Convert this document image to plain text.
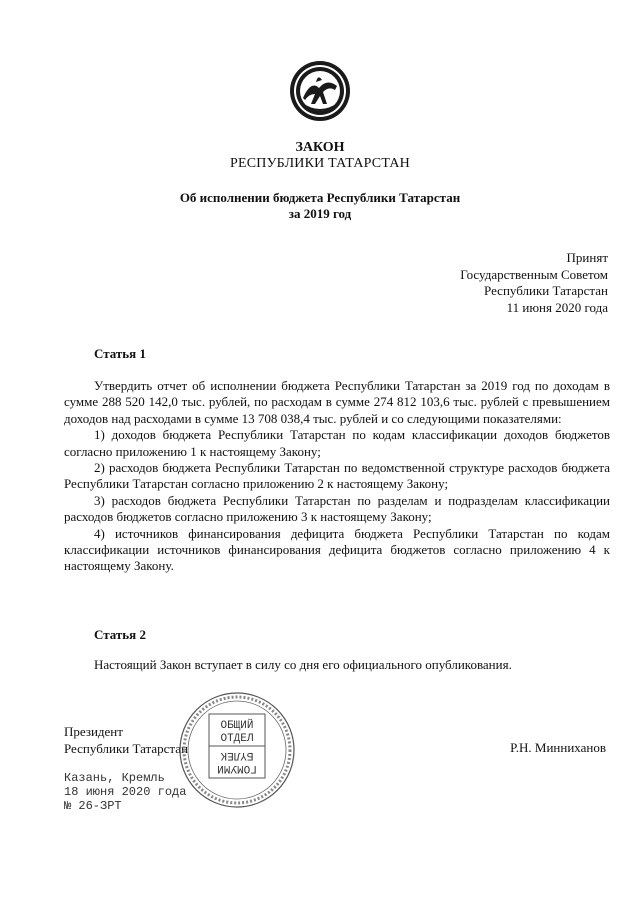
ЗАКОН
РЕСПУБЛИКИ ТАТАРСТАН
Об исполнении бюджета Республики Татарстан
за 2019 год
Принят
Государственным Советом
Республики Татарстан
11 июня 2020 года
Статья 1

Утвердить отчет об исполнении бюджета Республики Татарстан за 2019 год по доходам в сумме 288 520 142,0 тыс. рублей, по расходам в сумме 274 812 103,6 тыс. рублей с превышением доходов над расходами в сумме 13 708 038,4 тыс. рублей и со следующими показателями:

1) доходов бюджета Республики Татарстан по кодам классификации доходов бюджетов согласно приложению 1 к настоящему Закону;

2) расходов бюджета Республики Татарстан по ведомственной структуре расходов бюджета Республики Татарстан согласно приложению 2 к настоящему Закону;

3) расходов бюджета Республики Татарстан по разделам и подразделам классификации расходов бюджетов согласно приложению 3 к настоящему Закону;

4) источников финансирования дефицита бюджета Республики Татарстан по кодам классификации источников финансирования дефицита бюджетов согласно приложению 4 к настоящему Закону.

Статья 2
Настоящий Закон вступает в силу со дня его официального опубликования.
Президент
Республики Татарстан	Р.Н. Минниханов
ОБЩИЙ
ОТДЕЛ
ГОМУМИ
БҮЛЕК
Казань, Кремль
18 июня 2020 года
№ 26-ЗРТ
